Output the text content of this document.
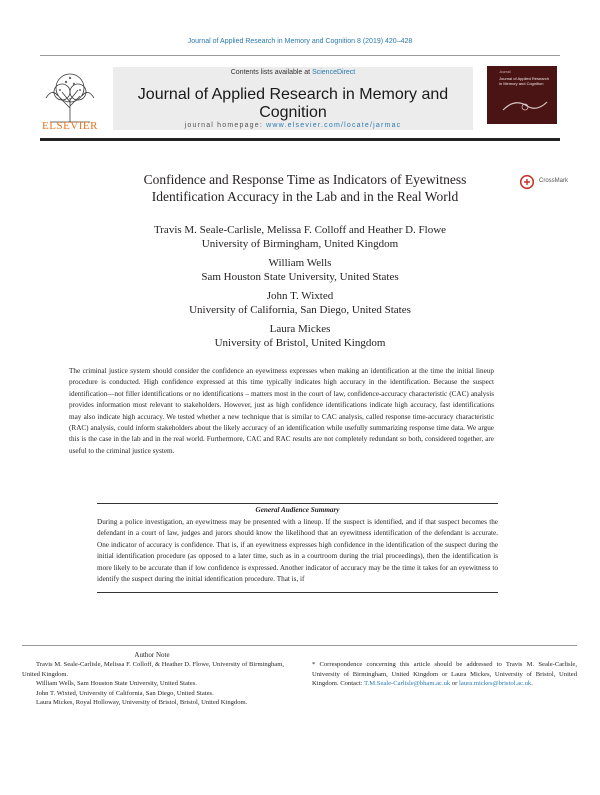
Journal of Applied Research in Memory and Cognition 8 (2019) 420–428
ELSEVIER
Contents lists available at ScienceDirect
Journal of Applied Research in Memory and Cognition
journal homepage: www.elsevier.com/locate/jarmac
Journal
Journal of Applied Research in Memory and Cognition
Confidence and Response Time as Indicators of Eyewitness
Identification Accuracy in the Lab and in the Real World
CrossMark
Travis M. Seale-Carlisle, Melissa F. Colloff and Heather D. Flowe
University of Birmingham, United Kingdom
William Wells
Sam Houston State University, United States
John T. Wixted
University of California, San Diego, United States
Laura Mickes
University of Bristol, United Kingdom

The criminal justice system should consider the confidence an eyewitness expresses when making an identification at the time the initial lineup procedure is conducted. High confidence expressed at this time typically indicates high accuracy in the identification. Because the suspect identification—not filler identifications or no identifications – matters most in the court of law, confidence-accuracy characteristic (CAC) analysis provides information most relevant to stakeholders. However, just as high confidence identifications indicate high accuracy, fast identifications may also indicate high accuracy. We tested whether a new technique that is similar to CAC analysis, called response time-accuracy characteristic (RAC) analysis, could inform stakeholders about the likely accuracy of an identification while usefully summarizing response time data. We argue this is the case in the lab and in the real world. Furthermore, CAC and RAC results are not completely redundant so both, considered together, are useful to the criminal justice system.

General Audience Summary

During a police investigation, an eyewitness may be presented with a lineup. If the suspect is identified, and if that suspect becomes the defendant in a court of law, judges and jurors should know the likelihood that an eyewitness identification of the defendant is accurate. One indicator of accuracy is confidence. That is, if an eyewitness expresses high confidence in the identification of the suspect during the initial identification procedure (as opposed to a later time, such as in a courtroom during the trial proceedings), then the identification is more likely to be accurate than if low confidence is expressed. Another indicator of accuracy may be the time it takes for an eyewitness to identify the suspect during the initial identification procedure. That is, if

Author Note

Travis M. Seale-Carlisle, Melissa F. Colloff, & Heather D. Flowe, University of Birmingham, United Kingdom.

William Wells, Sam Houston State University, United States.

John T. Wixted, University of California, San Diego, United States.

Laura Mickes, Royal Holloway, University of Bristol, Bristol, United Kingdom.

* Correspondence concerning this article should be addressed to Travis M. Seale-Carlisle, University of Birmingham, United Kingdom or Laura Mickes, University of Bristol, United Kingdom. Contact: T.M.Seale-Carlisle@bham.ac.uk or laura.mickes@bristol.ac.uk.
